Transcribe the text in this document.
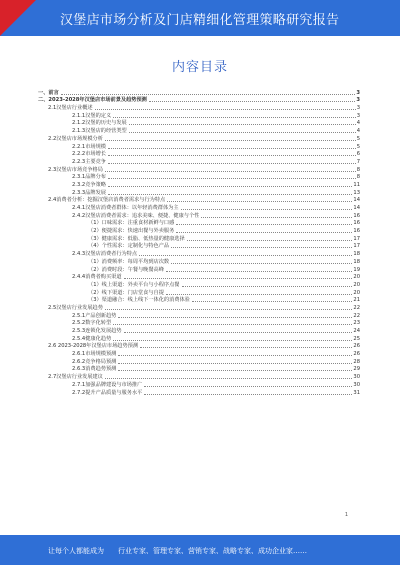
汉堡店市场分析及门店精细化管理策略研究报告
内容目录
一、前言	3
二、2023-2028年汉堡店市场前景及趋势预测	3
2.1汉堡店行业概述	3
2.1.1汉堡的定义	3
2.1.2汉堡的历史与发展	4
2.1.3汉堡店的经营类型	4
2.2汉堡店市场规模分析	5
2.2.1市场规模	5
2.2.2市场增长	6
2.2.3主要竞争	7
2.3汉堡店市场竞争格局	8
2.3.1品牌分布	8
2.3.2竞争策略	11
2.3.3品牌发展	13
2.4消费者分析：挖掘汉堡店消费者需求与行为特点	14
2.4.1汉堡店消费者群体：以年轻消费群体为主	14
2.4.2汉堡店消费者需求：追求美味、便捷、健康与个性	16
（1）口味需求：注重食材新鲜与口感	16
（2）便捷需求：快速出餐与外卖服务	16
（3）健康需求：低脂、低热量的健康选择	17
（4）个性需求：定制化与特色产品	17
2.4.3汉堡店消费者行为特点	18
（1）消费频率：每周平均到店次数	18
（2）消费时段：午餐与晚餐高峰	19
2.4.4消费者购买渠道	20
（1）线上渠道：外卖平台与小程序点餐	20
（2）线下渠道：门店堂食与自提	20
（3）渠道融合：线上线下一体化的消费体验	21
2.5汉堡店行业发展趋势	22
2.5.1产品创新趋势	22
2.5.2数字化转型	23
2.5.3连锁化发展趋势	24
2.5.4健康化趋势	25
2.6 2023-2028年汉堡店市场趋势预测	26
2.6.1市场规模预测	26
2.6.2竞争格局预测	28
2.6.3消费趋势预测	29
2.7汉堡店行业发展建议	30
2.7.1加强品牌建设与市场推广	30
2.7.2提升产品质量与服务水平	31
1
让每个人都能成为 行业专家、管理专家、营销专家、战略专家、成功企业家……
